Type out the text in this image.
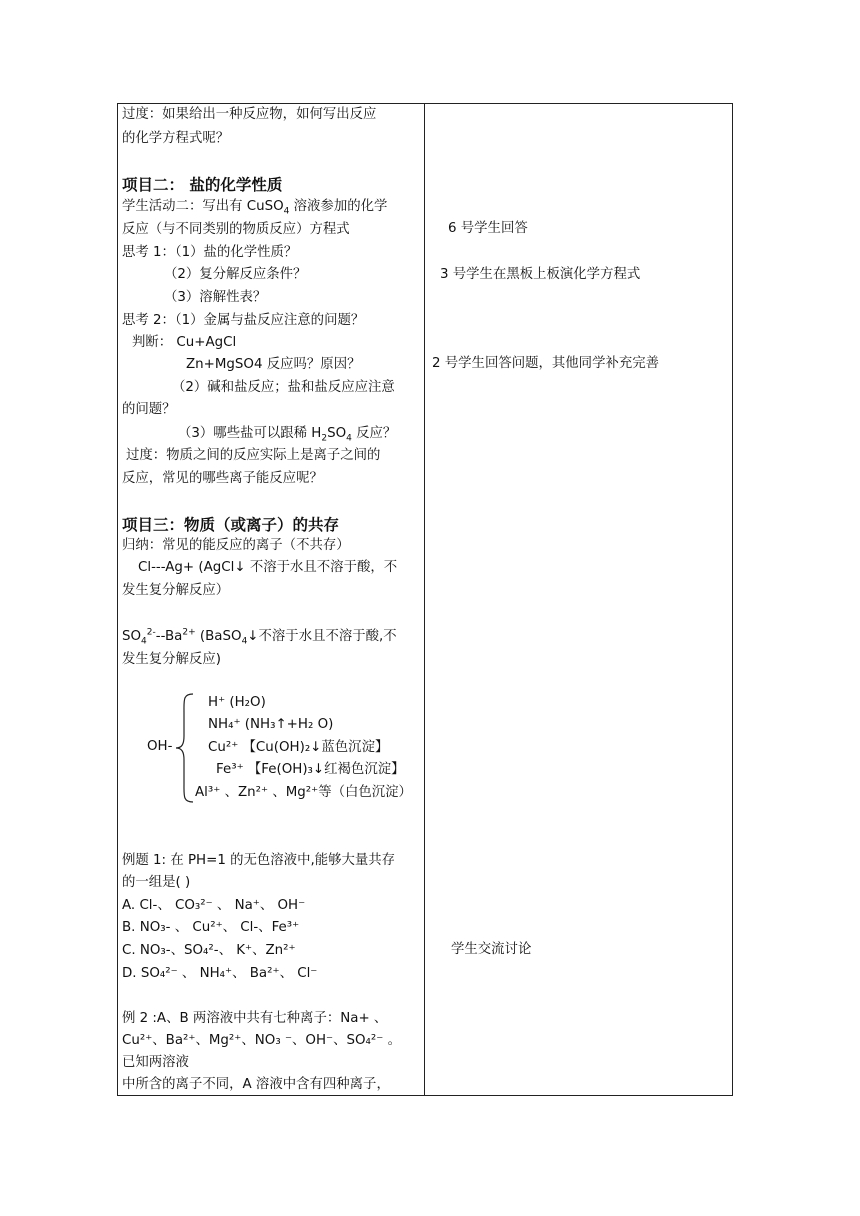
过度：如果给出一种反应物，如何写出反应
的化学方程式呢？
项目二： 盐的化学性质
学生活动二：写出有 CuSO$_4$ 溶液参加的化学
反应（与不同类别的物质反应）方程式
思考 1：（1）盐的化学性质？
（2）复分解反应条件？
（3）溶解性表？
思考 2：（1）金属与盐反应注意的问题？
判断： Cu+AgCl
Zn+MgSO4 反应吗？原因？
（2）碱和盐反应；盐和盐反应应注意
的问题？
（3）哪些盐可以跟稀 $H_2SO_4$ 反应？
过度：物质之间的反应实际上是离子之间的
反应，常见的哪些离子能反应呢？
项目三：物质（或离子）的共存
归纳：常见的能反应的离子（不共存）
Cl---Ag+ (AgCl↓ 不溶于水且不溶于酸，不
发生复分解反应）
$SO_4^{2-}--Ba^{2+}$ (BaSO$_4$↓不溶于水且不溶于酸,不
发生复分解反应)
OH-
H⁺ (H₂O)
NH₄⁺ (NH₃↑+H₂ O)
Cu²⁺ 【Cu(OH)₂↓蓝色沉淀】
Fe³⁺ 【Fe(OH)₃↓红褐色沉淀】
Al³⁺ 、Zn²⁺ 、Mg²⁺等（白色沉淀）
例题 1: 在 PH=1 的无色溶液中,能够大量共存
的一组是( )
A. Cl-、 CO₃²⁻ 、 Na⁺、 OH⁻
B. NO₃- 、 Cu²⁺、 Cl-、Fe³⁺
C. NO₃-、SO₄²-、 K⁺、Zn²⁺
D. SO₄²⁻ 、 NH₄⁺、 Ba²⁺、 Cl⁻
例 2 :A、B 两溶液中共有七种离子：Na+ 、
Cu²⁺、Ba²⁺、Mg²⁺、NO₃ ⁻、OH⁻、SO₄²⁻ 。
已知两溶液
中所含的离子不同，A 溶液中含有四种离子，
6 号学生回答
3 号学生在黑板上板演化学方程式
2 号学生回答问题，其他同学补充完善
学生交流讨论
